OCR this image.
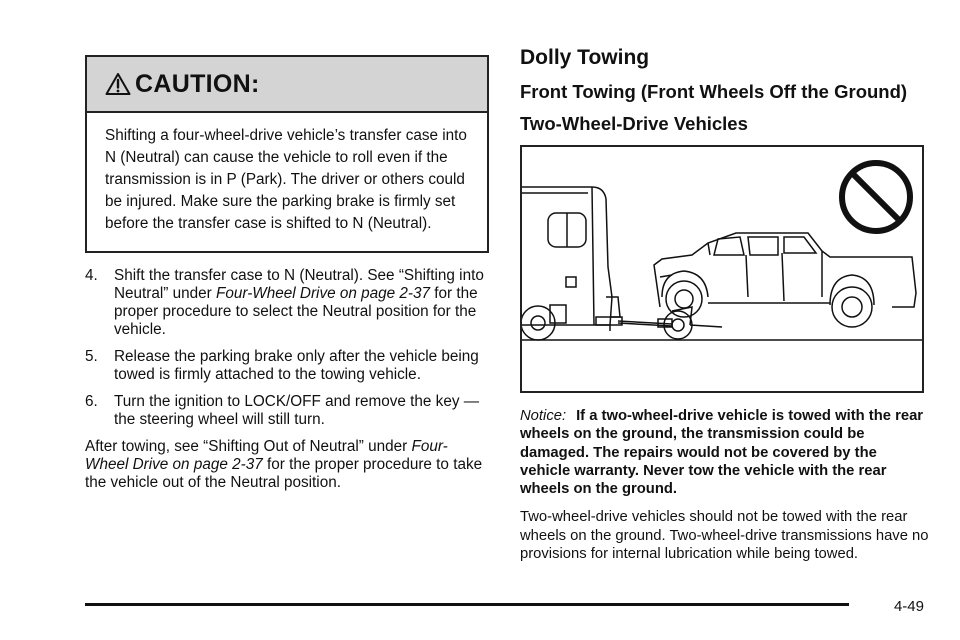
CAUTION:
Shifting a four-wheel-drive vehicle’s transfer case into N (Neutral) can cause the vehicle to roll even if the transmission is in P (Park). The driver or others could be injured. Make sure the parking brake is firmly set before the transfer case is shifted to N (Neutral).
4. Shift the transfer case to N (Neutral). See “Shifting into Neutral” under Four-Wheel Drive on page 2-37 for the proper procedure to select the Neutral position for the vehicle.
5. Release the parking brake only after the vehicle being towed is firmly attached to the towing vehicle.
6. Turn the ignition to LOCK/OFF and remove the key — the steering wheel will still turn.

After towing, see “Shifting Out of Neutral” under Four-Wheel Drive on page 2-37 for the proper procedure to take the vehicle out of the Neutral position.

Dolly Towing
Front Towing (Front Wheels Off the Ground)
Two-Wheel-Drive Vehicles
Notice: If a two-wheel-drive vehicle is towed with the rear wheels on the ground, the transmission could be damaged. The repairs would not be covered by the vehicle warranty. Never tow the vehicle with the rear wheels on the ground.
Two-wheel-drive vehicles should not be towed with the rear wheels on the ground. Two-wheel-drive transmissions have no provisions for internal lubrication while being towed.
4-49
